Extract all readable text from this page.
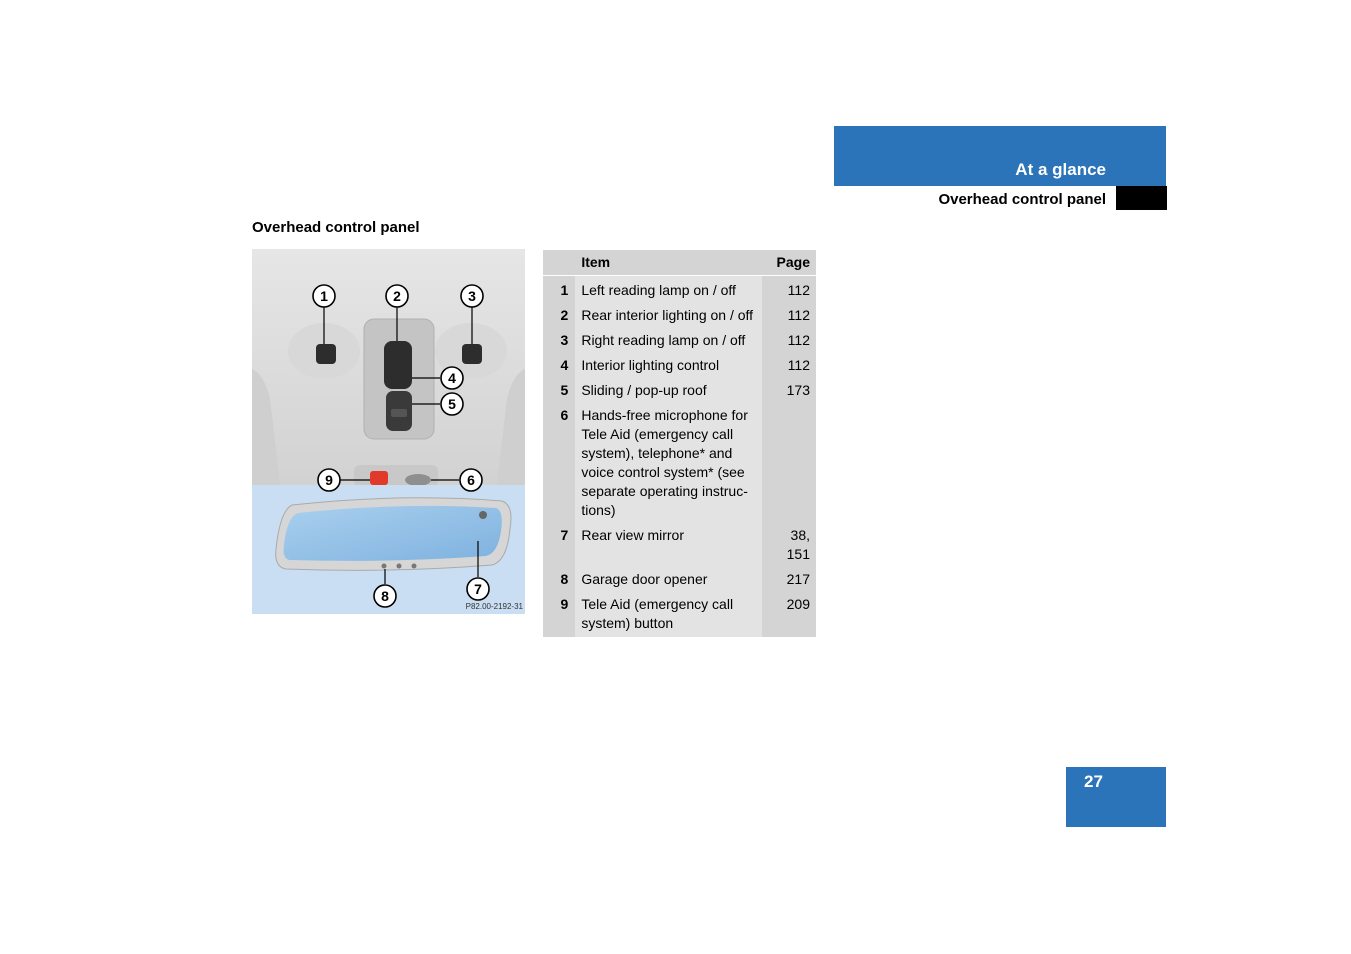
At a glance
Overhead control panel
Overhead control panel
1	2	3
4
5
6
7
8
9
P82.00-2192-31
	Item	Page
1	Left reading lamp on / off	112
2	Rear interior lighting on / off	112
3	Right reading lamp on / off	112
4	Interior lighting control	112
5	Sliding / pop-up roof	173
6	Hands-free microphone for Tele Aid (emergency call system), telephone* and voice control system* (see separate operating instruc-tions)	
7	Rear view mirror	38, 151
8	Garage door opener	217
9	Tele Aid (emergency call system) button	209
27
